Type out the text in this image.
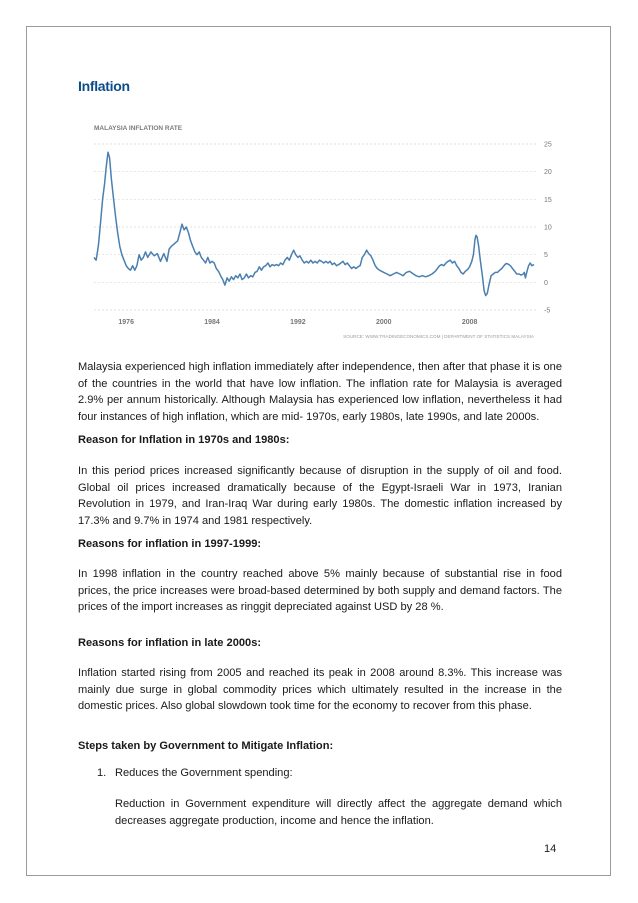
Inflation
MALAYSIA INFLATION RATE
25
20
15
10
5
0
-5
1976	1984	1992	2000	2008
SOURCE: WWW.TRADINGECONOMICS.COM | DEPARTMENT OF STATISTICS MALAYSIA

Malaysia experienced high inflation immediately after independence, then after that phase it is one of the countries in the world that have low inflation. The inflation rate for Malaysia is averaged 2.9% per annum historically. Although Malaysia has experienced low inflation, nevertheless it had four instances of high inflation, which are mid- 1970s, early 1980s, late 1990s, and late 2000s.

Reason for Inflation in 1970s and 1980s:

In this period prices increased significantly because of disruption in the supply of oil and food. Global oil prices increased dramatically because of the Egypt-Israeli War in 1973, Iranian Revolution in 1979, and Iran-Iraq War during early 1980s. The domestic inflation increased by 17.3% and 9.7% in 1974 and 1981 respectively.

Reasons for inflation in 1997-1999:

In 1998 inflation in the country reached above 5% mainly because of substantial rise in food prices, the price increases were broad-based determined by both supply and demand factors. The prices of the import increases as ringgit depreciated against USD by 28 %.

Reasons for inflation in late 2000s:

Inflation started rising from 2005 and reached its peak in 2008 around 8.3%. This increase was mainly due surge in global commodity prices which ultimately resulted in the increase in the domestic prices. Also global slowdown took time for the economy to recover from this phase.

Steps taken by Government to Mitigate Inflation:

1. Reduces the Government spending:

Reduction in Government expenditure will directly affect the aggregate demand which decreases aggregate production, income and hence the inflation.

14
